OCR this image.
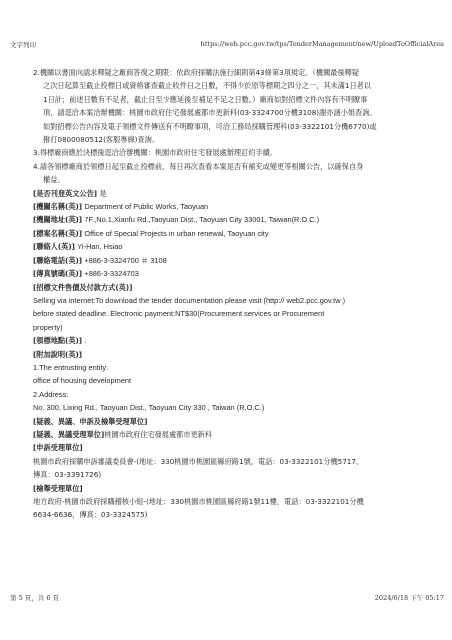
文字列印	https://web.pcc.gov.tw/tps/TenderManagement/new/UploadToOfficialArea

2.機關以書面向請求釋疑之廠商答復之期限：依政府採購法施行細則第43條第3項規定。（機關最後釋疑

之次日起算至截止投標日或資格審查截止收件日之日數，不得少於原等標期之四分之一，其未滿1日者以

1日計；前述日數有不足者，截止日至少應延後至補足不足之日數。）廠商如對招標文件內容有不明瞭事

項，請逕洽本案洽辦機關：桃園市政府住宅發展處都市更新科(03-3324700分機3108)謝亦涵小姐查詢。

如對招標公告內容及電子領標文件傳送有不明瞭事項，可洽工務局採購管理科(03-3322101分機6770)或

撥打0800080512(客服專線)查詢。

3.得標廠商應於決標後逕洽洽辦機關：桃園市政府住宅發展處辦理訂約手續。

4.請各領標廠商於領標日起至截止投標前，每日再次查看本案是否有補充或變更等相關公告，以確保自身

權益。

[是否刊登英文公告] 是

[機關名稱(英)] Department of Public Works, Taoyuan

[機關地址(英)] 7F.,No.1,Xianfu Rd.,Taoyuan Dist., Taoyuan City 33001, Taiwan(R.O.C.)

[標案名稱(英)] Office of Special Projects in urban renewal, Taoyuan city

[聯絡人(英)] Yi-Han, Hsiao

[聯絡電話(英)] +886-3-3324700 ＃ 3108

[傳真號碼(英)] +886-3-3324703

[招標文件售價及付款方式(英)]

Selling via internet:To download the tender documentation please visit (http:// web2.pcc.gov.tw )

before stated deadline. Electronic payment:NT$30(Procurement services or Procurement

property)

[領標地點(英)] .

[附加說明(英)]

1.The entrusting entity:

office of housing development

2.Address:

No. 300, Lixing Rd., Taoyuan Dist., Taoyuan City 330 , Taiwan (R.O.C.)

[疑義、異議、申訴及檢舉受理單位]

[疑義、異議受理單位]桃園市政府住宅發展處都市更新科

[申訴受理單位]

桃園市政府採購申訴審議委員會-(地址：330桃園市桃園區縣府路1號，電話：03-3322101分機5717、

傳真：03-3391726)

[檢舉受理單位]

地方政府-桃園市政府採購稽核小組-(地址：330桃園市桃園區縣府路1號11樓，電話：03-3322101分機

6634-6636，傳真：03-3324575)

第 5 頁，共 6 頁	2024/6/18 下午 05:17
